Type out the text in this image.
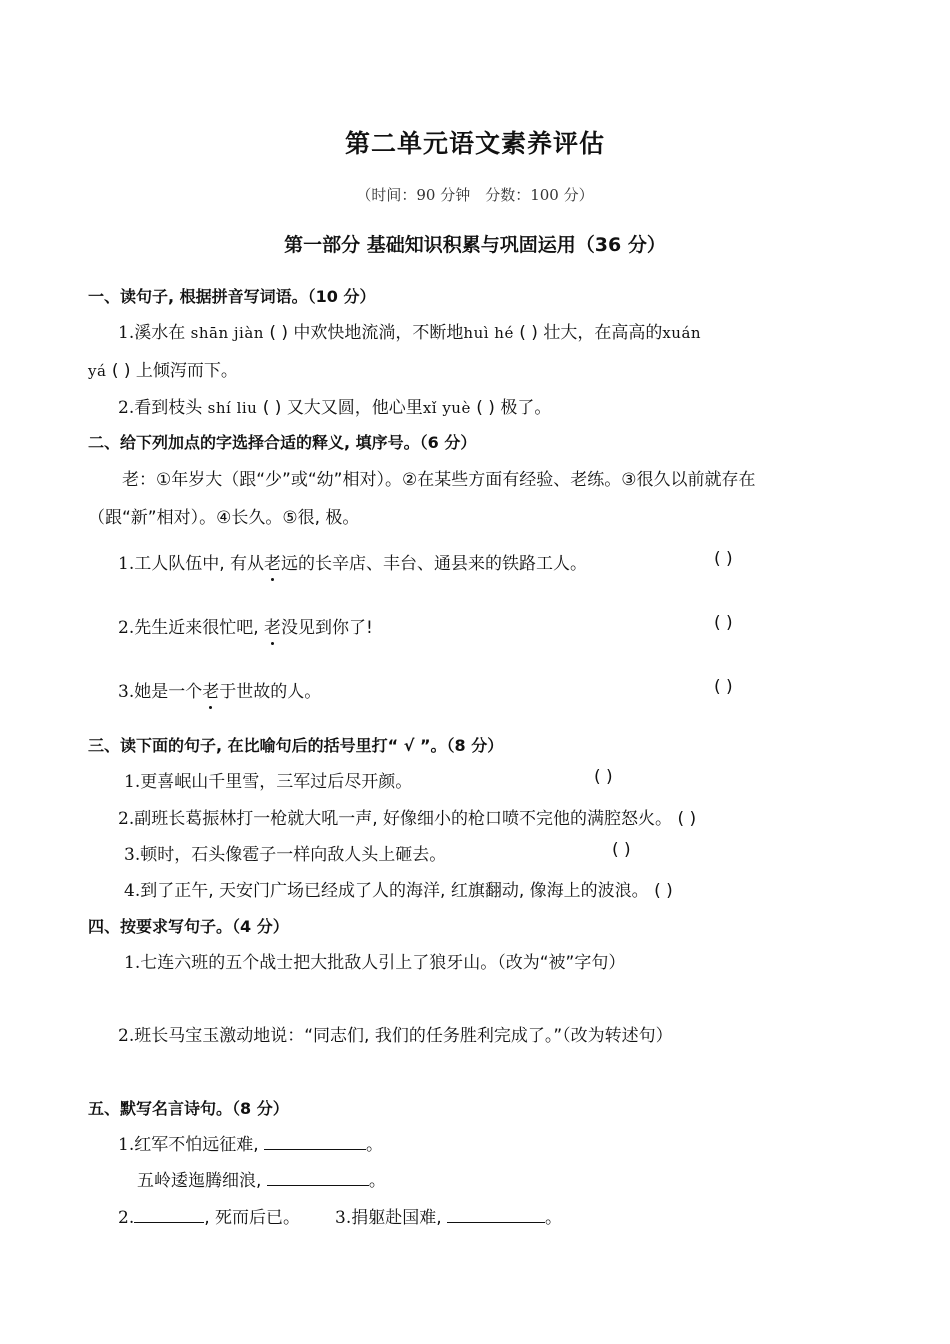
第二单元语文素养评估
（时间：90 分钟　分数：100 分）
第一部分 基础知识积累与巩固运用（36 分）
一、读句子, 根据拼音写词语。（10 分）
1.溪水在 shān jiàn ( ) 中欢快地流淌，不断地huì hé ( ) 壮大，在高高的xuán
yá ( ) 上倾泻而下。
2.看到枝头 shí liu ( ) 又大又圆，他心里xǐ yuè ( ) 极了。
二、给下列加点的字选择合适的释义, 填序号。（6 分）
老：①年岁大（跟“少”或“幼”相对）。②在某些方面有经验、老练。③很久以前就存在
（跟“新”相对）。④长久。⑤很, 极。
1.工人队伍中, 有从老远的长辛店、丰台、通县来的铁路工人。	( )
2.先生近来很忙吧, 老没见到你了!	( )
3.她是一个老于世故的人。	( )
三、读下面的句子, 在比喻句后的括号里打“ √ ”。（8 分）
1.更喜岷山千里雪，三军过后尽开颜。	( )
2.副班长葛振林打一枪就大吼一声, 好像细小的枪口喷不完他的满腔怒火。 ( )
3.顿时，石头像雹子一样向敌人头上砸去。	( )
4.到了正午, 天安门广场已经成了人的海洋, 红旗翻动, 像海上的波浪。 ( )
四、按要求写句子。（4 分）
1.七连六班的五个战士把大批敌人引上了狼牙山。（改为“被”字句）
2.班长马宝玉激动地说：“同志们, 我们的任务胜利完成了。”（改为转述句）
五、默写名言诗句。（8 分）
1.红军不怕远征难,	。
五岭逶迤腾细浪,	。
2.	, 死而后已。 3.捐躯赴国难,	。
